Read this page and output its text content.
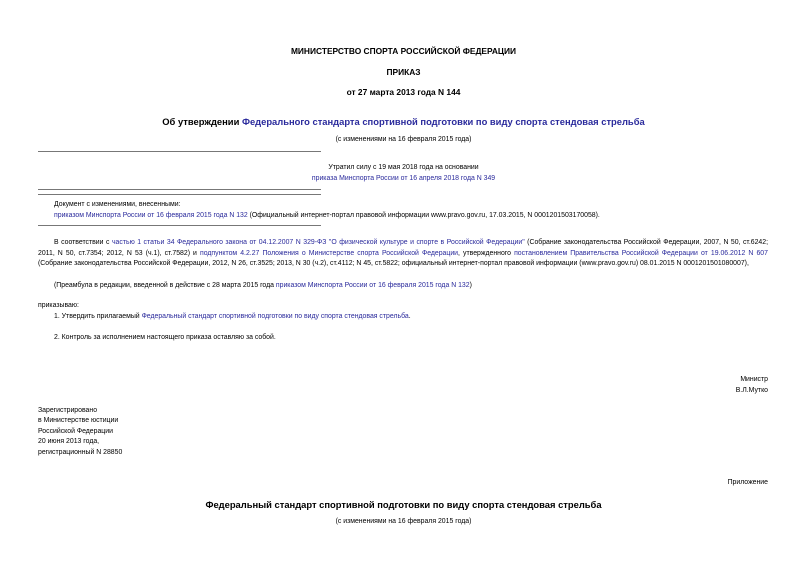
МИНИСТЕРСТВО СПОРТА РОССИЙСКОЙ ФЕДЕРАЦИИ
ПРИКАЗ
от 27 марта 2013 года N 144
Об утверждении Федерального стандарта спортивной подготовки по виду спорта стендовая стрельба
(с изменениями на 16 февраля 2015 года)
Утратил силу с 19 мая 2018 года на основании
приказа Минспорта России от 16 апреля 2018 года N 349
Документ с изменениями, внесенными:
приказом Минспорта России от 16 февраля 2015 года N 132 (Официальный интернет-портал правовой информации www.pravo.gov.ru, 17.03.2015, N 0001201503170058).
В соответствии с частью 1 статьи 34 Федерального закона от 04.12.2007 N 329-ФЗ "О физической культуре и спорте в Российской Федерации" (Собрание законодательства Российской Федерации, 2007, N 50, ст.6242; 2011, N 50, ст.7354; 2012, N 53 (ч.1), ст.7582) и подпунктом 4.2.27 Положения о Министерстве спорта Российской Федерации, утвержденного постановлением Правительства Российской Федерации от 19.06.2012 N 607 (Собрание законодательства Российской Федерации, 2012, N 26, ст.3525; 2013, N 30 (ч.2), ст.4112; N 45, ст.5822; официальный интернет-портал правовой информации (www.pravo.gov.ru) 08.01.2015 N 0001201501080007),
(Преамбула в редакции, введенной в действие с 28 марта 2015 года приказом Минспорта России от 16 февраля 2015 года N 132)
приказываю:
1. Утвердить прилагаемый Федеральный стандарт спортивной подготовки по виду спорта стендовая стрельба.
2. Контроль за исполнением настоящего приказа оставляю за собой.
Министр
В.Л.Мутко
Зарегистрировано
в Министерстве юстиции
Российской Федерации
20 июня 2013 года,
регистрационный N 28850
Приложение
Федеральный стандарт спортивной подготовки по виду спорта стендовая стрельба
(с изменениями на 16 февраля 2015 года)
